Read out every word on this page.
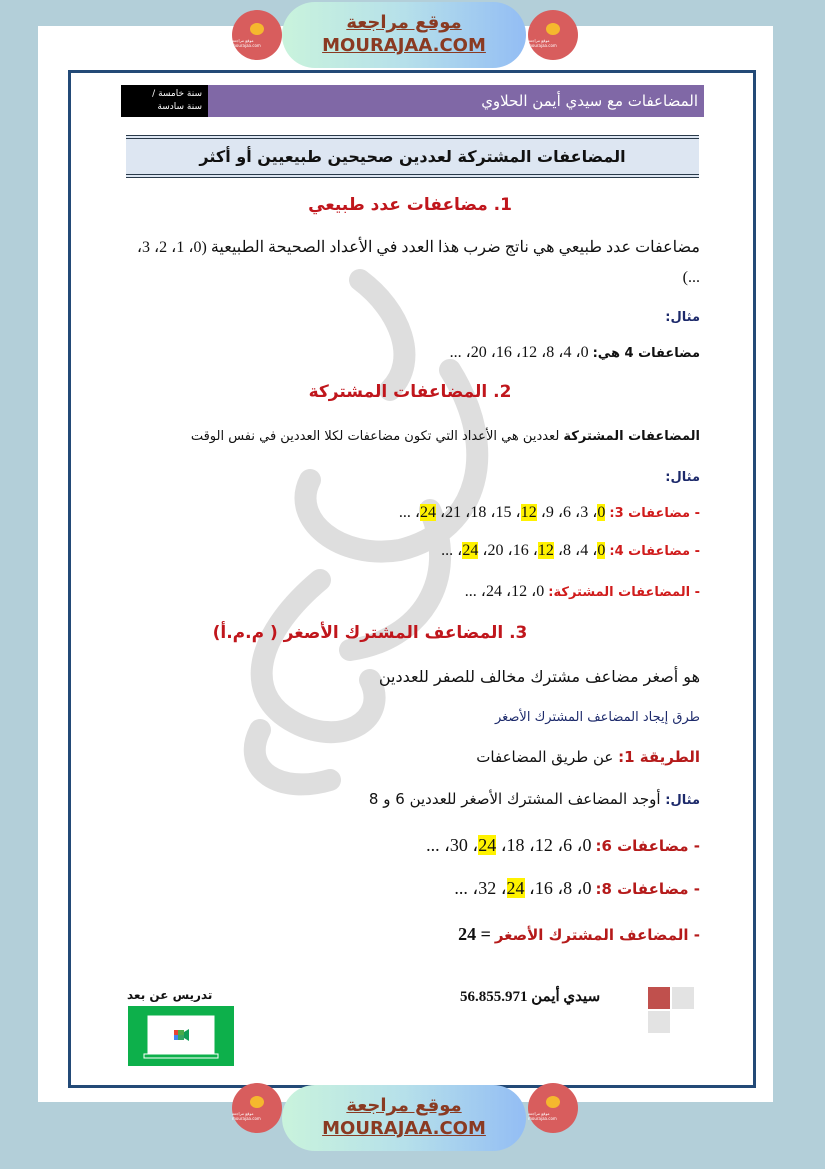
موقع مراجعة mourajaa.com
موقع مراجعة
MOURAJAA.COM	موقع مراجعة mourajaa.com
سنة خامسة /
سنة سادسة	المضاعفات مع سيدي أيمن الحلاوي
المضاعفات المشتركة لعددين صحيحين طبيعيين أو أكثر
1. مضاعفات عدد طبيعي
مضاعفات عدد طبيعي هي ناتج ضرب هذا العدد في الأعداد الصحيحة الطبيعية (0، 1، 2، 3، ...)
مثال:
مضاعفات 4 هي: 0، 4، 8، 12، 16، 20، ...
2. المضاعفات المشتركة
المضاعفات المشتركة لعددين هي الأعداد التي تكون مضاعفات لكلا العددين في نفس الوقت
مثال:
- مضاعفات 3: 0، 3، 6، 9، 12، 15، 18، 21، 24، ...
- مضاعفات 4: 0، 4، 8، 12، 16، 20، 24، ...
- المضاعفات المشتركة: 0، 12، 24، ...
3. المضاعف المشترك الأصغر ( م.م.أ)
هو أصغر مضاعف مشترك مخالف للصفر للعددين
طرق إيجاد المضاعف المشترك الأصغر
الطريقة 1: عن طريق المضاعفات
مثال: أوجد المضاعف المشترك الأصغر للعددين 6 و 8
- مضاعفات 6: 0، 6، 12، 18، 24، 30، ...
- مضاعفات 8: 0، 8، 16، 24، 32، ...
- المضاعف المشترك الأصغر = 24
سيدي أيمن 56.855.971
تدريس عن بعد
موقع مراجعة mourajaa.com
موقع مراجعة
MOURAJAA.COM
موقع مراجعة mourajaa.com
